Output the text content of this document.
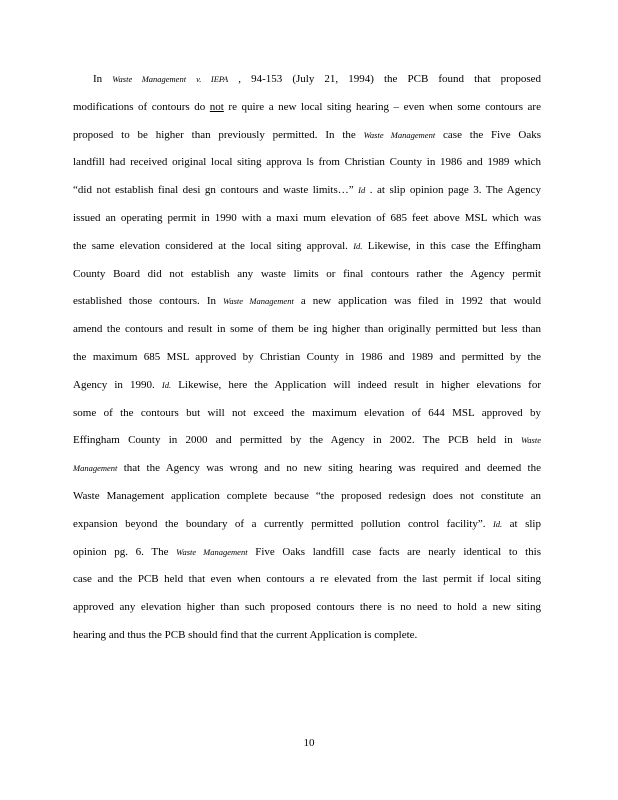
In Waste Management v. IEPA , 94-153 (July 21, 1994) the PCB found that proposed
modifications of contours do not re quire a new local siting hearing – even when some contours are
proposed to be higher than previously permitted. In the Waste Management case the Five Oaks
landfill had received original local siting approva ls from Christian County in 1986 and 1989 which
“did not establish final desi gn contours and waste limits…” Id . at slip opinion page 3. The Agency
issued an operating permit in 1990 with a maxi mum elevation of 685 feet above MSL which was
the same elevation considered at the local siting approval. Id. Likewise, in this case the Effingham
County Board did not establish any waste limits or final contours rather the Agency permit
established those contours. In Waste Management a new application was filed in 1992 that would
amend the contours and result in some of them be ing higher than originally permitted but less than
the maximum 685 MSL approved by Christian County in 1986 and 1989 and permitted by the
Agency in 1990. Id. Likewise, here the Application will indeed result in higher elevations for
some of the contours but will not exceed the maximum elevation of 644 MSL approved by
Effingham County in 2000 and permitted by the Agency in 2002. The PCB held in Waste
Management that the Agency was wrong and no new siting hearing was required and deemed the
Waste Management application complete because “the proposed redesign does not constitute an
expansion beyond the boundary of a currently permitted pollution control facility”. Id. at slip
opinion pg. 6. The Waste Management Five Oaks landfill case facts are nearly identical to this
case and the PCB held that even when contours a re elevated from the last permit if local siting
approved any elevation higher than such proposed contours there is no need to hold a new siting
hearing and thus the PCB should find that the current Application is complete.
10
